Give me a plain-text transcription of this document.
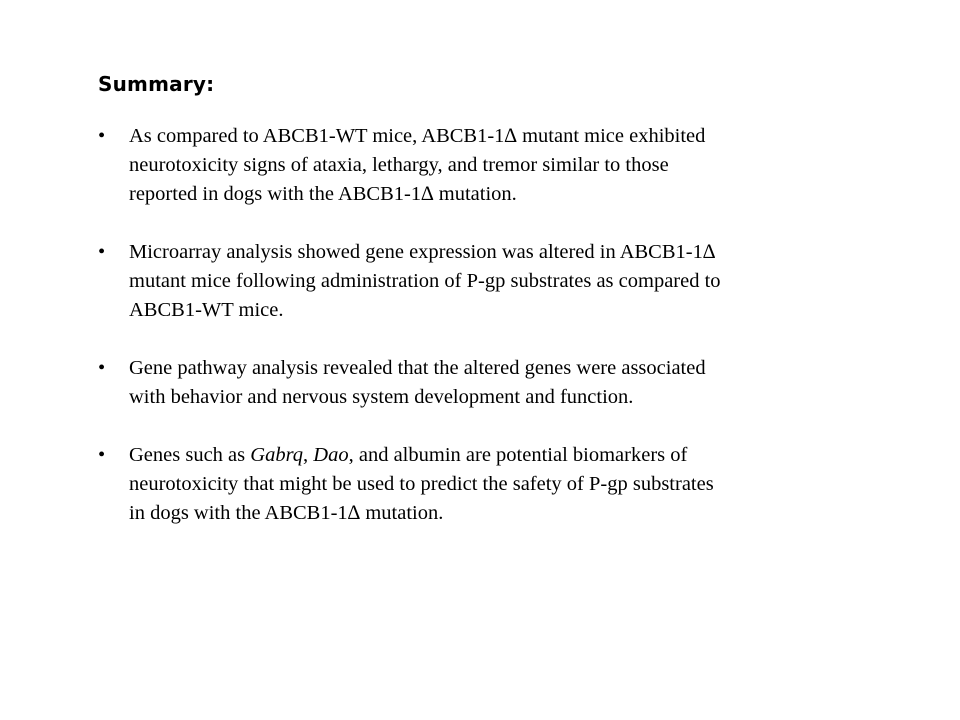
Summary:
• As compared to ABCB1-WT mice, ABCB1-1∆ mutant mice exhibited
neurotoxicity signs of ataxia, lethargy, and tremor similar to those
reported in dogs with the ABCB1-1∆ mutation.
• Microarray analysis showed gene expression was altered in ABCB1-1∆
mutant mice following administration of P-gp substrates as compared to
ABCB1-WT mice.
• Gene pathway analysis revealed that the altered genes were associated
with behavior and nervous system development and function.
• Genes such as Gabrq, Dao, and albumin are potential biomarkers of
neurotoxicity that might be used to predict the safety of P-gp substrates
in dogs with the ABCB1-1∆ mutation.
